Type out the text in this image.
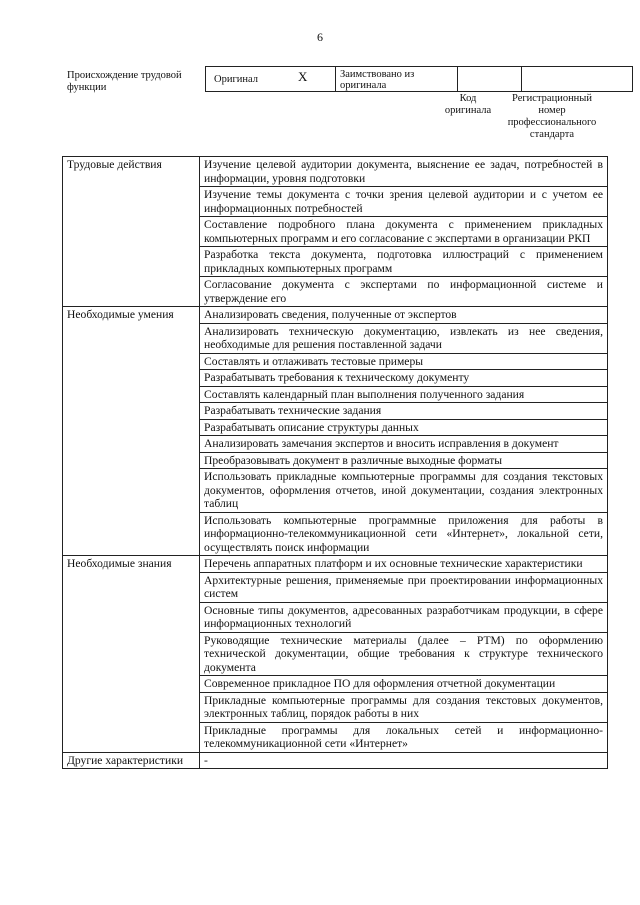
6
Происхождение трудовой функции
Оригинал	X	Заимствовано из оригинала
Код оригинала
Регистрационный номер профессионального стандарта
Трудовые действия	Изучение целевой аудитории документа, выяснение ее задач, потребностей в информации, уровня подготовки
	Изучение темы документа с точки зрения целевой аудитории и с учетом ее информационных потребностей
	Составление подробного плана документа с применением прикладных компьютерных программ и его согласование с экспертами в организации РКП
	Разработка текста документа, подготовка иллюстраций с применением прикладных компьютерных программ
	Согласование документа с экспертами по информационной системе и утверждение его
Необходимые умения	Анализировать сведения, полученные от экспертов
	Анализировать техническую документацию, извлекать из нее сведения, необходимые для решения поставленной задачи
	Составлять и отлаживать тестовые примеры
	Разрабатывать требования к техническому документу
	Составлять календарный план выполнения полученного задания
	Разрабатывать технические задания
	Разрабатывать описание структуры данных
	Анализировать замечания экспертов и вносить исправления в документ
	Преобразовывать документ в различные выходные форматы
	Использовать прикладные компьютерные программы для создания текстовых документов, оформления отчетов, иной документации, создания электронных таблиц
	Использовать компьютерные программные приложения для работы в информационно-телекоммуникационной сети «Интернет», локальной сети, осуществлять поиск информации
Необходимые знания	Перечень аппаратных платформ и их основные технические характеристики
	Архитектурные решения, применяемые при проектировании информационных систем
	Основные типы документов, адресованных разработчикам продукции, в сфере информационных технологий
	Руководящие технические материалы (далее – РТМ) по оформлению технической документации, общие требования к структуре технического документа
	Современное прикладное ПО для оформления отчетной документации
	Прикладные компьютерные программы для создания текстовых документов, электронных таблиц, порядок работы в них
	Прикладные программы для локальных сетей и информационно-телекоммуникационной сети «Интернет»
Другие характеристики	-
